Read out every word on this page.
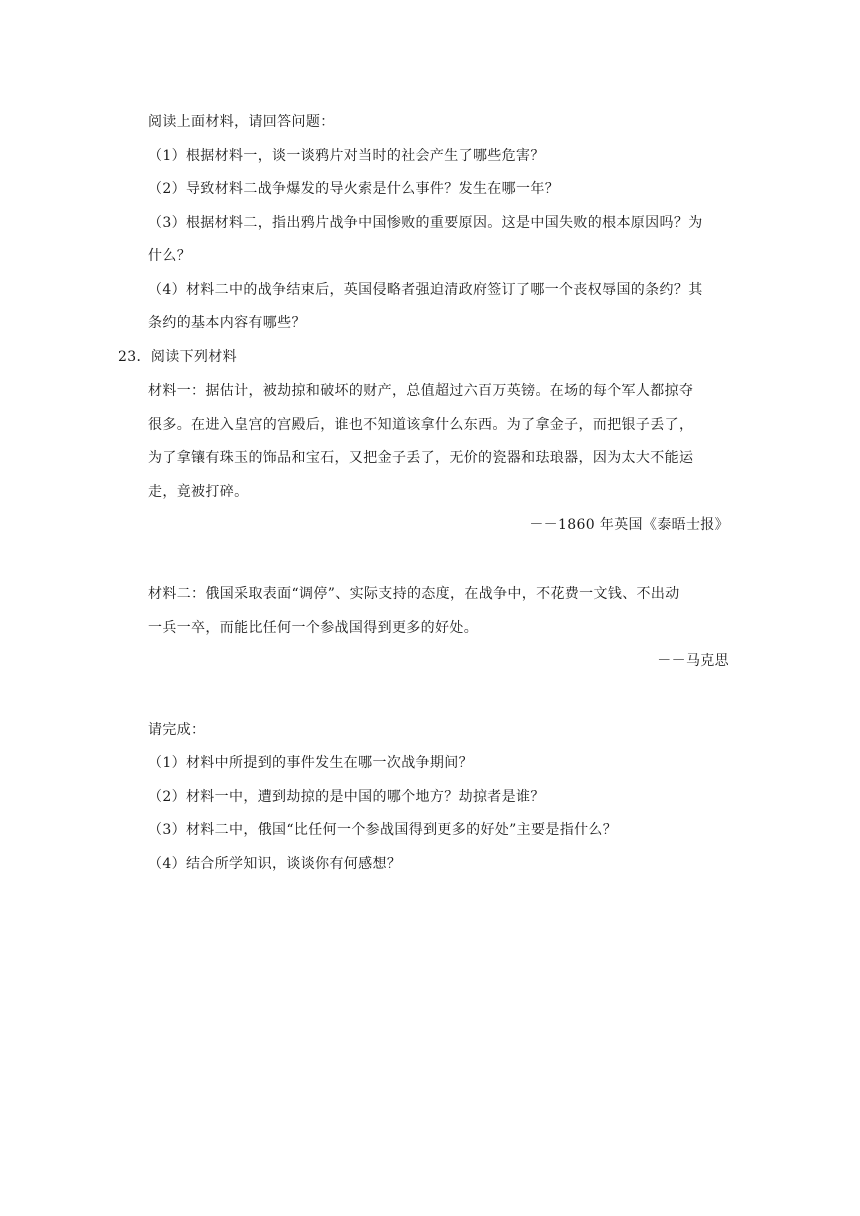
阅读上面材料，请回答问题：
（1）根据材料一，谈一谈鸦片对当时的社会产生了哪些危害？
（2）导致材料二战争爆发的导火索是什么事件？发生在哪一年？
（3）根据材料二，指出鸦片战争中国惨败的重要原因。这是中国失败的根本原因吗？为
什么？
（4）材料二中的战争结束后，英国侵略者强迫清政府签订了哪一个丧权辱国的条约？其
条约的基本内容有哪些？
23．阅读下列材料
材料一：据估计，被劫掠和破坏的财产，总值超过六百万英镑。在场的每个军人都掠夺
很多。在进入皇宫的宫殿后，谁也不知道该拿什么东西。为了拿金子，而把银子丢了，
为了拿镶有珠玉的饰品和宝石，又把金子丢了，无价的瓷器和珐琅器，因为太大不能运
走，竟被打碎。
－－1860 年英国《泰晤士报》
材料二：俄国采取表面“调停”、实际支持的态度，在战争中，不花费一文钱、不出动
一兵一卒，而能比任何一个参战国得到更多的好处。
－－马克思
请完成：
（1）材料中所提到的事件发生在哪一次战争期间？
（2）材料一中，遭到劫掠的是中国的哪个地方？劫掠者是谁？
（3）材料二中，俄国“比任何一个参战国得到更多的好处”主要是指什么？
（4）结合所学知识，谈谈你有何感想？
